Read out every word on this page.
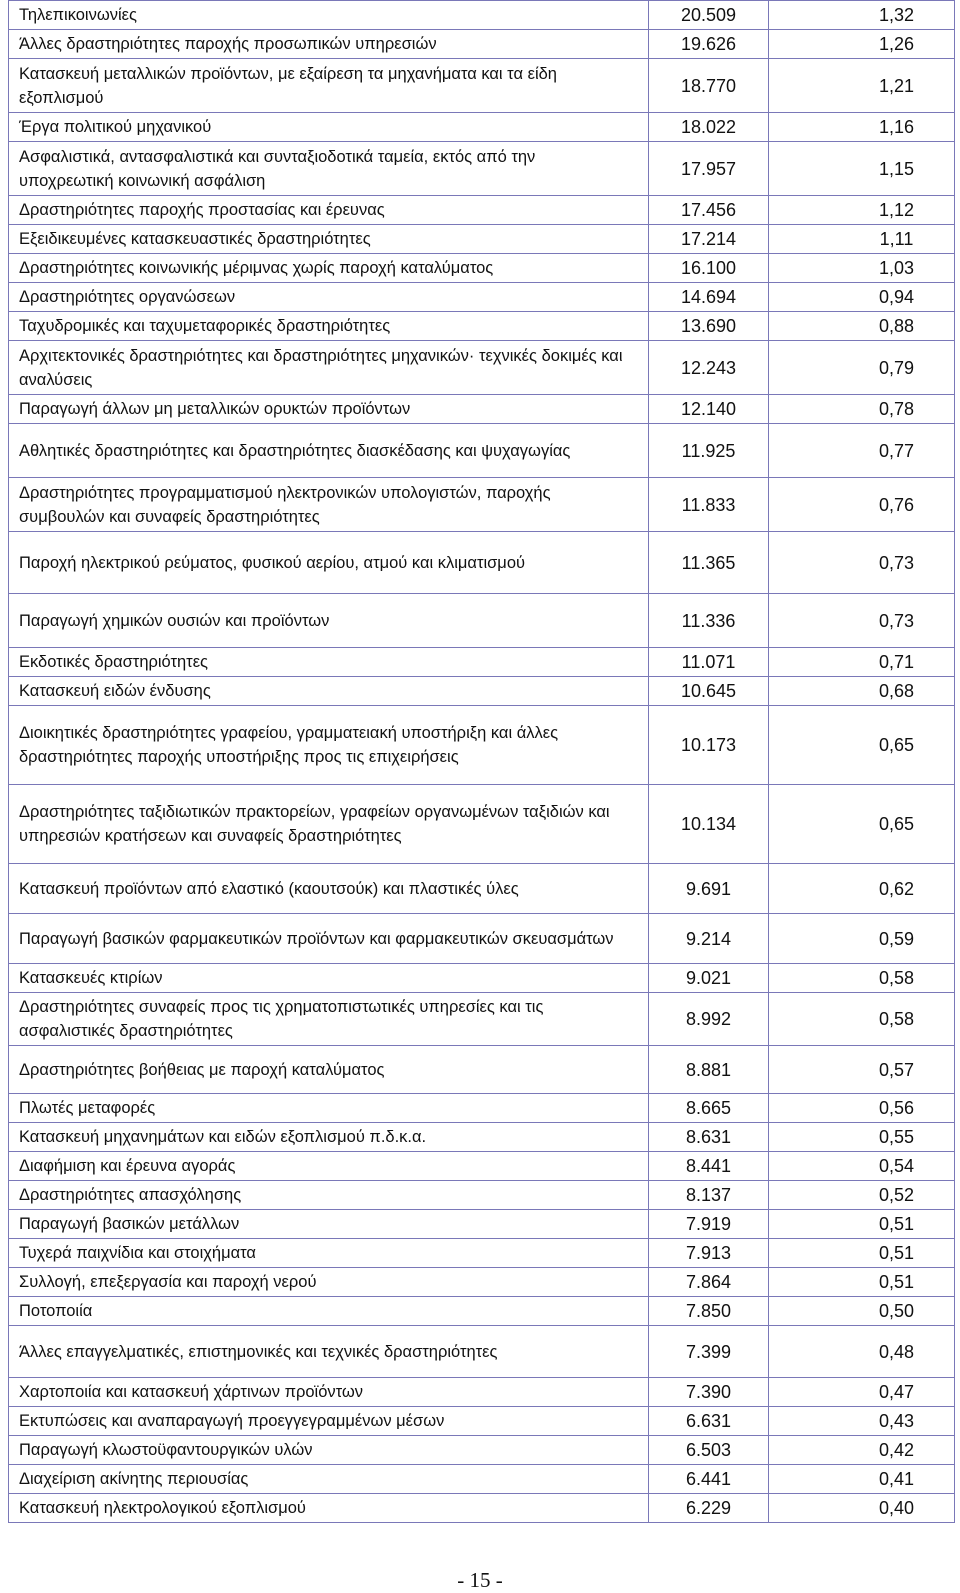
Τηλεπικοινωνίες	20.509	1,32
Άλλες δραστηριότητες παροχής προσωπικών υπηρεσιών	19.626	1,26
Κατασκευή μεταλλικών προϊόντων, με εξαίρεση τα μηχανήματα και τα είδη εξοπλισμού	18.770	1,21
Έργα πολιτικού μηχανικού	18.022	1,16
Ασφαλιστικά, αντασφαλιστικά και συνταξιοδοτικά ταμεία, εκτός από την υποχρεωτική κοινωνική ασφάλιση	17.957	1,15
Δραστηριότητες παροχής προστασίας και έρευνας	17.456	1,12
Εξειδικευμένες κατασκευαστικές δραστηριότητες	17.214	1,11
Δραστηριότητες κοινωνικής μέριμνας χωρίς παροχή καταλύματος	16.100	1,03
Δραστηριότητες οργανώσεων	14.694	0,94
Ταχυδρομικές και ταχυμεταφορικές δραστηριότητες	13.690	0,88
Αρχιτεκτονικές δραστηριότητες και δραστηριότητες μηχανικών· τεχνικές δοκιμές και αναλύσεις	12.243	0,79
Παραγωγή άλλων μη μεταλλικών ορυκτών προϊόντων	12.140	0,78
Αθλητικές δραστηριότητες και δραστηριότητες διασκέδασης και ψυχαγωγίας	11.925	0,77
Δραστηριότητες προγραμματισμού ηλεκτρονικών υπολογιστών, παροχής συμβουλών και συναφείς δραστηριότητες	11.833	0,76
Παροχή ηλεκτρικού ρεύματος, φυσικού αερίου, ατμού και κλιματισμού	11.365	0,73
Παραγωγή χημικών ουσιών και προϊόντων	11.336	0,73
Εκδοτικές δραστηριότητες	11.071	0,71
Κατασκευή ειδών ένδυσης	10.645	0,68
Διοικητικές δραστηριότητες γραφείου, γραμματειακή υποστήριξη και άλλες δραστηριότητες παροχής υποστήριξης προς τις επιχειρήσεις	10.173	0,65
Δραστηριότητες ταξιδιωτικών πρακτορείων, γραφείων οργανωμένων ταξιδιών και υπηρεσιών κρατήσεων και συναφείς δραστηριότητες	10.134	0,65
Κατασκευή προϊόντων από ελαστικό (καουτσούκ) και πλαστικές ύλες	9.691	0,62
Παραγωγή βασικών φαρμακευτικών προϊόντων και φαρμακευτικών σκευασμάτων	9.214	0,59
Κατασκευές κτιρίων	9.021	0,58
Δραστηριότητες συναφείς προς τις χρηματοπιστωτικές υπηρεσίες και τις ασφαλιστικές δραστηριότητες	8.992	0,58
Δραστηριότητες βοήθειας με παροχή καταλύματος	8.881	0,57
Πλωτές μεταφορές	8.665	0,56
Κατασκευή μηχανημάτων και ειδών εξοπλισμού π.δ.κ.α.	8.631	0,55
Διαφήμιση και έρευνα αγοράς	8.441	0,54
Δραστηριότητες απασχόλησης	8.137	0,52
Παραγωγή βασικών μετάλλων	7.919	0,51
Τυχερά παιχνίδια και στοιχήματα	7.913	0,51
Συλλογή, επεξεργασία και παροχή νερού	7.864	0,51
Ποτοποιία	7.850	0,50
Άλλες επαγγελματικές, επιστημονικές και τεχνικές δραστηριότητες	7.399	0,48
Χαρτοποιία και κατασκευή χάρτινων προϊόντων	7.390	0,47
Εκτυπώσεις και αναπαραγωγή προεγγεγραμμένων μέσων	6.631	0,43
Παραγωγή κλωστοϋφαντουργικών υλών	6.503	0,42
Διαχείριση ακίνητης περιουσίας	6.441	0,41
Κατασκευή ηλεκτρολογικού εξοπλισμού	6.229	0,40
- 15 -
